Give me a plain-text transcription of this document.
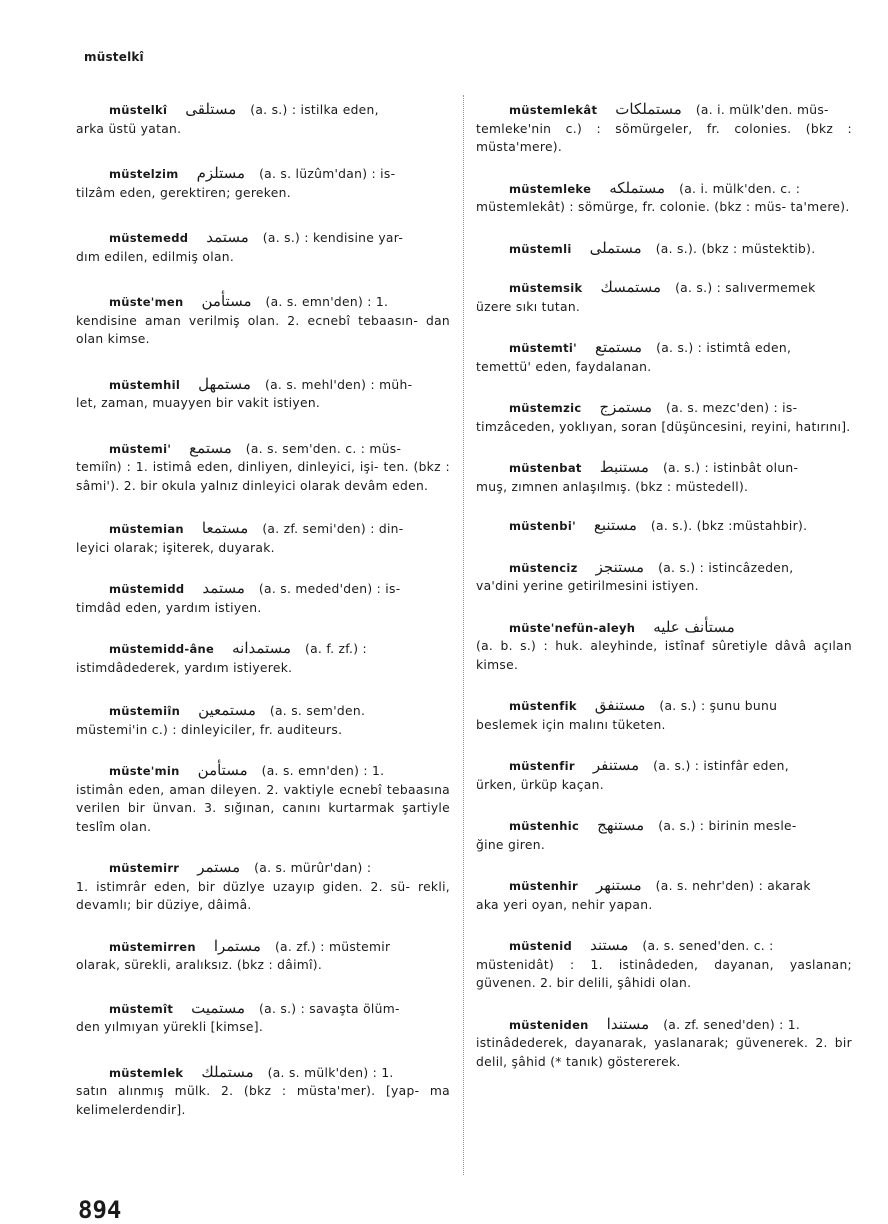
müstelkî
müstelkî مستلقى (a. s.) : istilka eden,
arka üstü yatan.
müstelzim مستلزم (a. s. lüzûm'dan) : is-
tilzâm eden, gerektiren; gereken.
müstemedd مستمد (a. s.) : kendisine yar-
dım edilen, edilmiş olan.
müste'men مستأمن (a. s. emn'den) : 1.
kendisine aman verilmiş olan. 2. ecnebî tebaasın- dan olan kimse.
müstemhil مستمهل (a. s. mehl'den) : müh-
let, zaman, muayyen bir vakit istiyen.
müstemi' مستمع (a. s. sem'den. c. : müs-
temiîn) : 1. istimâ eden, dinliyen, dinleyici, işi- ten. (bkz : sâmi'). 2. bir okula yalnız dinleyici olarak devâm eden.
müstemian مستمعا (a. zf. semi'den) : din-
leyici olarak; işiterek, duyarak.
müstemidd مستمد (a. s. meded'den) : is-
timdâd eden, yardım istiyen.
müstemidd-âne مستمدانه (a. f. zf.) :
istimdâdederek, yardım istiyerek.
müstemiîn مستمعين (a. s. sem'den.
müstemi'in c.) : dinleyiciler, fr. auditeurs.
müste'min مستأمن (a. s. emn'den) : 1.
istimân eden, aman dileyen. 2. vaktiyle ecnebî tebaasına verilen bir ünvan. 3. sığınan, canını kurtarmak şartiyle teslîm olan.
müstemirr مستمر (a. s. mürûr'dan) :
1. istimrâr eden, bir düzlye uzayıp giden. 2. sü- rekli, devamlı; bir düziye, dâimâ.
müstemirren مستمرا (a. zf.) : müstemir
olarak, sürekli, aralıksız. (bkz : dâimî).
müstemît مستميت (a. s.) : savaşta ölüm-
den yılmıyan yürekli [kimse].
müstemlek مستملك (a. s. mülk'den) : 1.
satın alınmış mülk. 2. (bkz : müsta'mer). [yap- ma kelimelerdendir].
müstemlekât مستملكات (a. i. mülk'den. müs-
temleke'nin c.) : sömürgeler, fr. colonies. (bkz : müsta'mere).
müstemleke مستملكه (a. i. mülk'den. c. :
müstemlekât) : sömürge, fr. colonie. (bkz : müs- ta'mere).
müstemli مستملى (a. s.). (bkz : müstektib).
müstemsik مستمسك (a. s.) : salıvermemek
üzere sıkı tutan.
müstemti' مستمتع (a. s.) : istimtâ eden,
temettü' eden, faydalanan.
müstemzic مستمزج (a. s. mezc'den) : is-
timzâceden, yoklıyan, soran [düşüncesini, reyini, hatırını].
müstenbat مستنبط (a. s.) : istinbât olun-
muş, zımnen anlaşılmış. (bkz : müstedell).
müstenbi' مستنبع (a. s.). (bkz :müstahbir).
müstenciz مستنجز (a. s.) : istincâzeden,
va'dini yerine getirilmesini istiyen.
müste'nefün-aleyh مستأنف عليه
(a. b. s.) : huk. aleyhinde, istînaf sûretiyle dâvâ açılan kimse.
müstenfik مستنفق (a. s.) : şunu bunu
beslemek için malını tüketen.
müstenfir مستنفر (a. s.) : istinfâr eden,
ürken, ürküp kaçan.
müstenhic مستنهج (a. s.) : birinin mesle-
ğine giren.
müstenhir مستنهر (a. s. nehr'den) : akarak
aka yeri oyan, nehir yapan.
müstenid مستند (a. s. sened'den. c. :
müstenidât) : 1. istinâdeden, dayanan, yaslanan; güvenen. 2. bir delili, şâhidi olan.
müsteniden مستندا (a. zf. sened'den) : 1.
istinâdederek, dayanarak, yaslanarak; güvenerek. 2. bir delil, şâhid (* tanık) göstererek.
894
